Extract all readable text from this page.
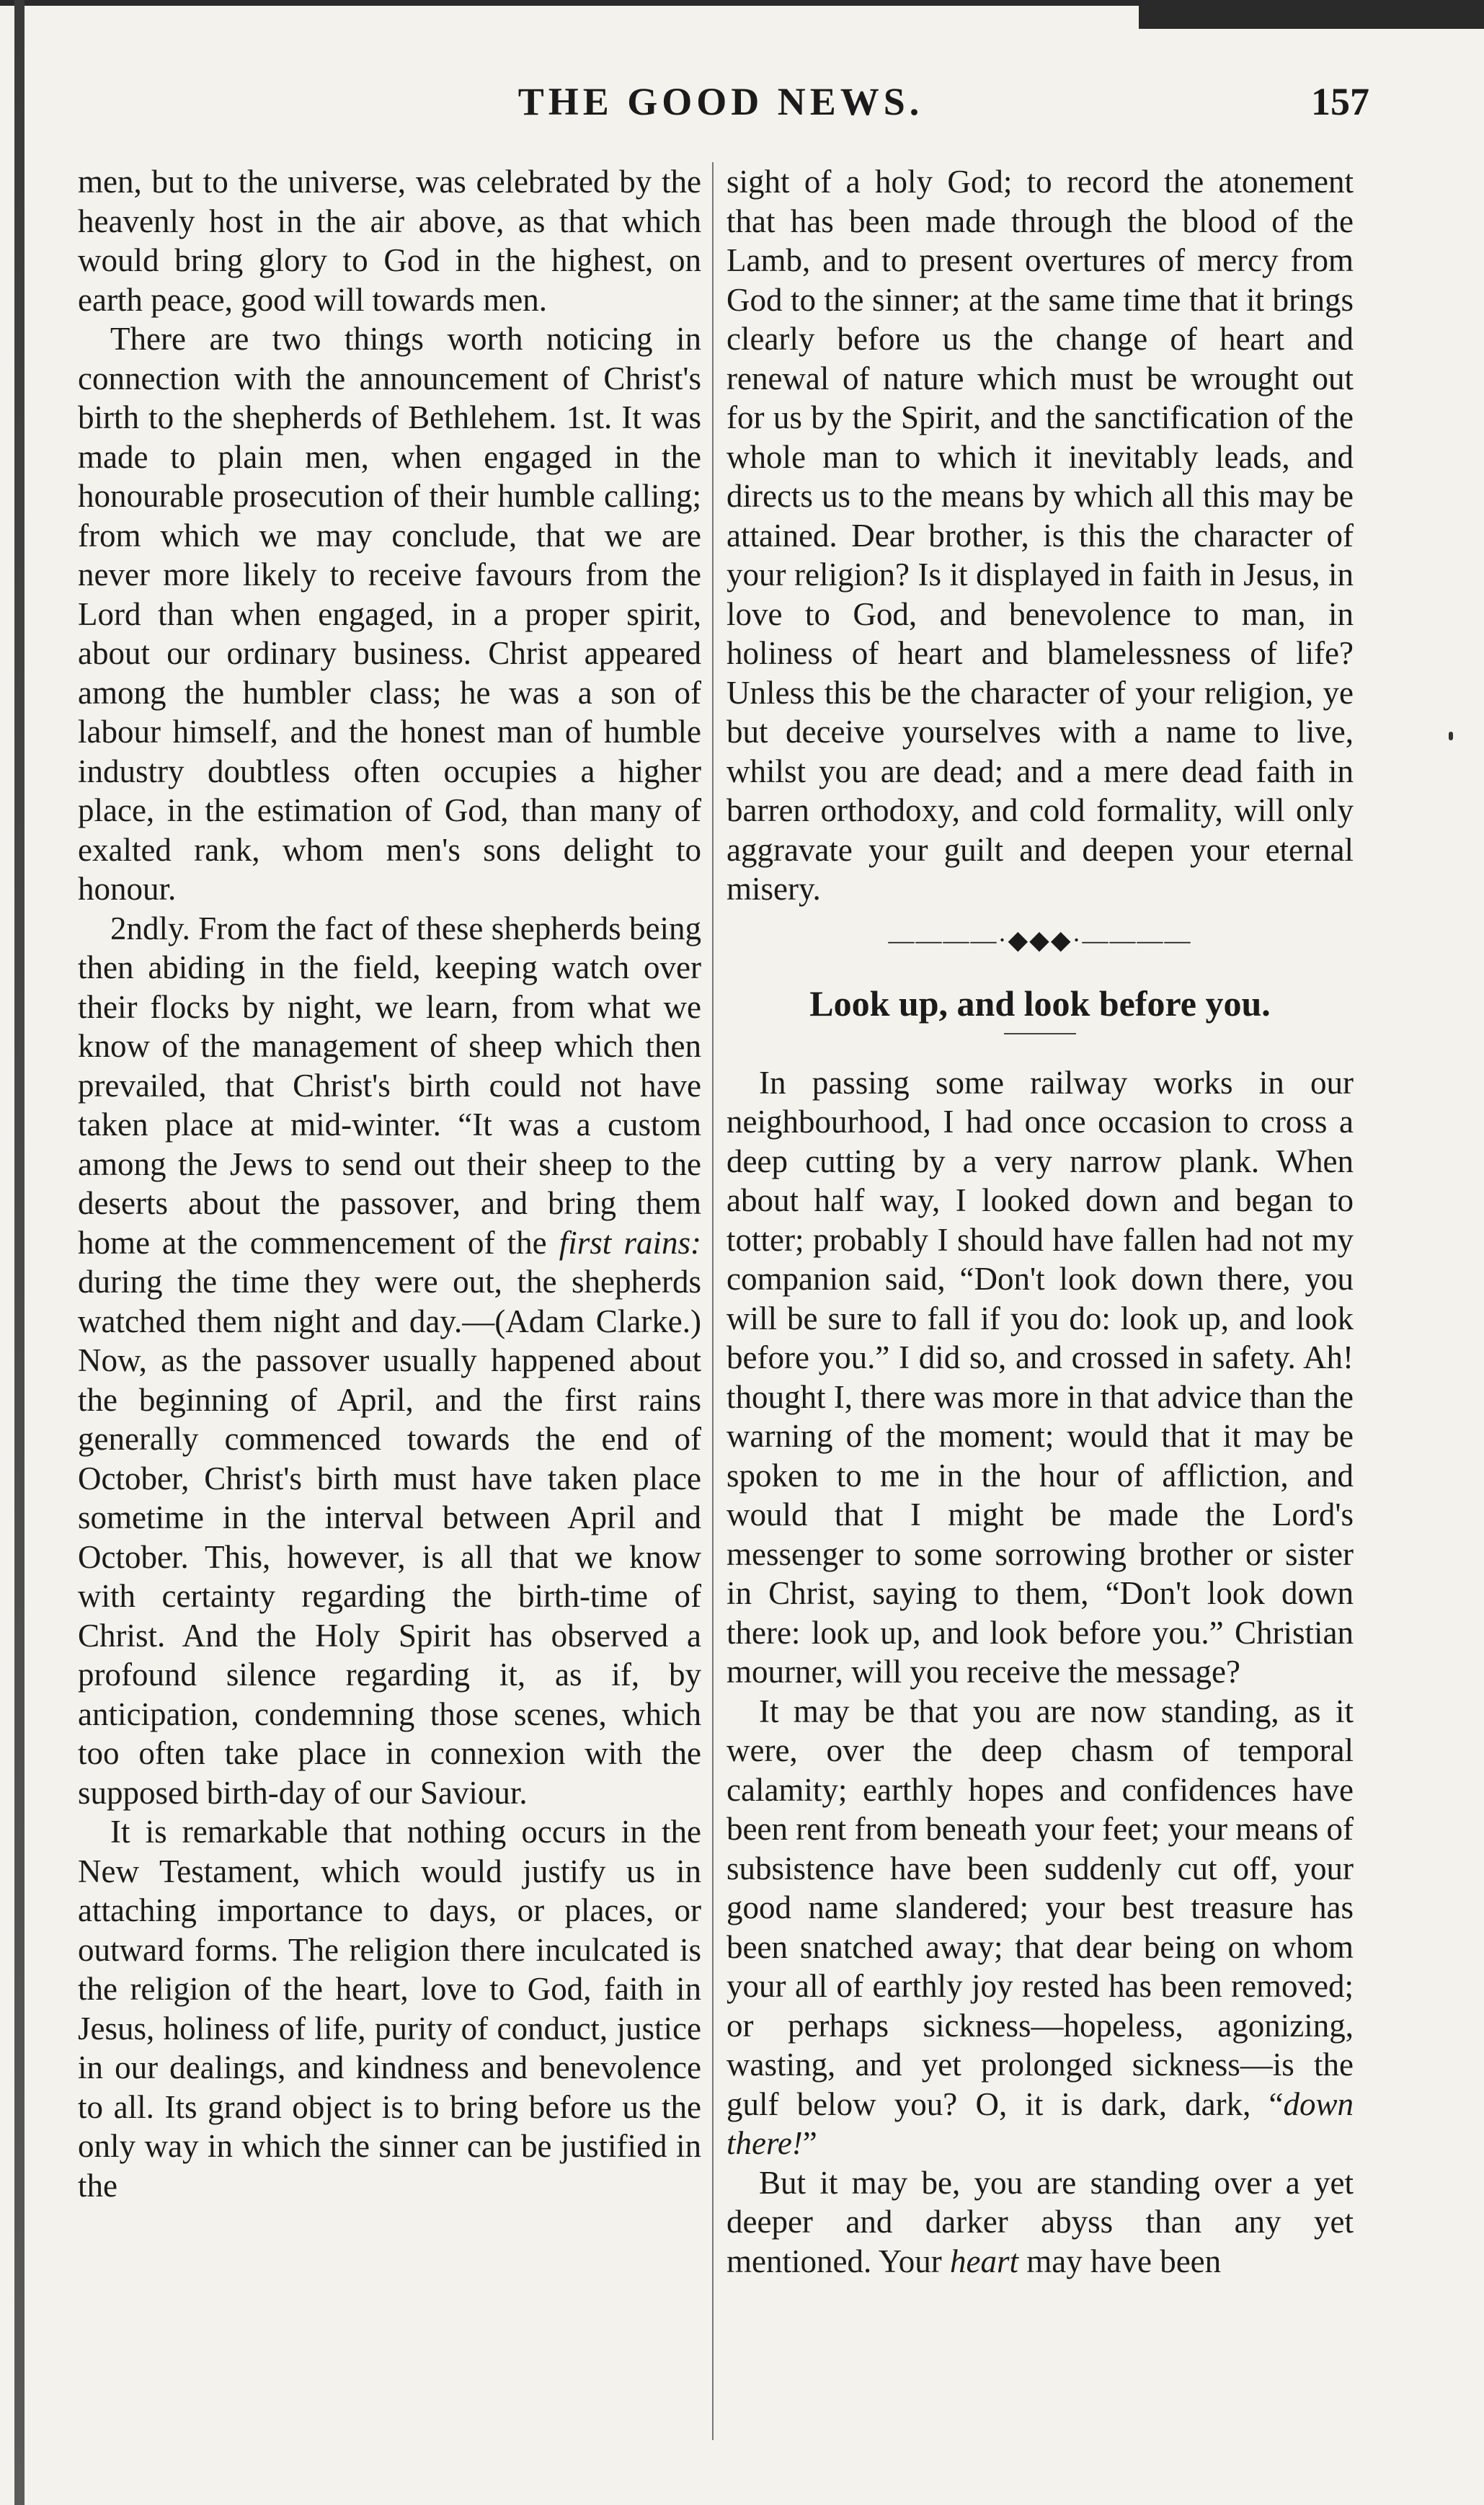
THE GOOD NEWS.	157

men, but to the universe, was celebrated by the heavenly host in the air above, as that which would bring glory to God in the highest, on earth peace, good will towards men.

There are two things worth noticing in connection with the announcement of Christ's birth to the shepherds of Bethlehem. 1st. It was made to plain men, when engaged in the honourable prosecution of their humble calling; from which we may conclude, that we are never more likely to receive favours from the Lord than when engaged, in a proper spirit, about our ordinary business. Christ appeared among the humbler class; he was a son of labour himself, and the honest man of humble industry doubtless often occupies a higher place, in the estimation of God, than many of exalted rank, whom men's sons delight to honour.

2ndly. From the fact of these shepherds being then abiding in the field, keeping watch over their flocks by night, we learn, from what we know of the management of sheep which then prevailed, that Christ's birth could not have taken place at mid-winter. “It was a custom among the Jews to send out their sheep to the deserts about the passover, and bring them home at the commencement of the first rains: during the time they were out, the shepherds watched them night and day.—(Adam Clarke.) Now, as the passover usually happened about the beginning of April, and the first rains generally commenced towards the end of October, Christ's birth must have taken place sometime in the interval between April and October. This, however, is all that we know with certainty regarding the birth-time of Christ. And the Holy Spirit has observed a profound silence regarding it, as if, by anticipation, condemning those scenes, which too often take place in connexion with the supposed birth-day of our Saviour.

It is remarkable that nothing occurs in the New Testament, which would justify us in attaching importance to days, or places, or outward forms. The religion there inculcated is the religion of the heart, love to God, faith in Jesus, holiness of life, purity of conduct, justice in our dealings, and kindness and benevolence to all. Its grand object is to bring before us the only way in which the sinner can be justified in the

sight of a holy God; to record the atonement that has been made through the blood of the Lamb, and to present overtures of mercy from God to the sinner; at the same time that it brings clearly before us the change of heart and renewal of nature which must be wrought out for us by the Spirit, and the sanctification of the whole man to which it inevitably leads, and directs us to the means by which all this may be attained. Dear brother, is this the character of your religion? Is it displayed in faith in Jesus, in love to God, and benevolence to man, in holiness of heart and blamelessness of life? Unless this be the character of your religion, ye but deceive yourselves with a name to live, whilst you are dead; and a mere dead faith in barren orthodoxy, and cold formality, will only aggravate your guilt and deepen your eternal misery.

————·◆◆◆·————
Look up, and look before you.

In passing some railway works in our neighbourhood, I had once occasion to cross a deep cutting by a very narrow plank. When about half way, I looked down and began to totter; probably I should have fallen had not my companion said, “Don't look down there, you will be sure to fall if you do: look up, and look before you.” I did so, and crossed in safety. Ah! thought I, there was more in that advice than the warning of the moment; would that it may be spoken to me in the hour of affliction, and would that I might be made the Lord's messenger to some sorrowing brother or sister in Christ, saying to them, “Don't look down there: look up, and look before you.” Christian mourner, will you receive the message?

It may be that you are now standing, as it were, over the deep chasm of temporal calamity; earthly hopes and confidences have been rent from beneath your feet; your means of subsistence have been suddenly cut off, your good name slandered; your best treasure has been snatched away; that dear being on whom your all of earthly joy rested has been removed; or perhaps sickness—hopeless, agonizing, wasting, and yet prolonged sickness—is the gulf below you? O, it is dark, dark, “down there!”

But it may be, you are standing over a yet deeper and darker abyss than any yet mentioned. Your heart may have been
